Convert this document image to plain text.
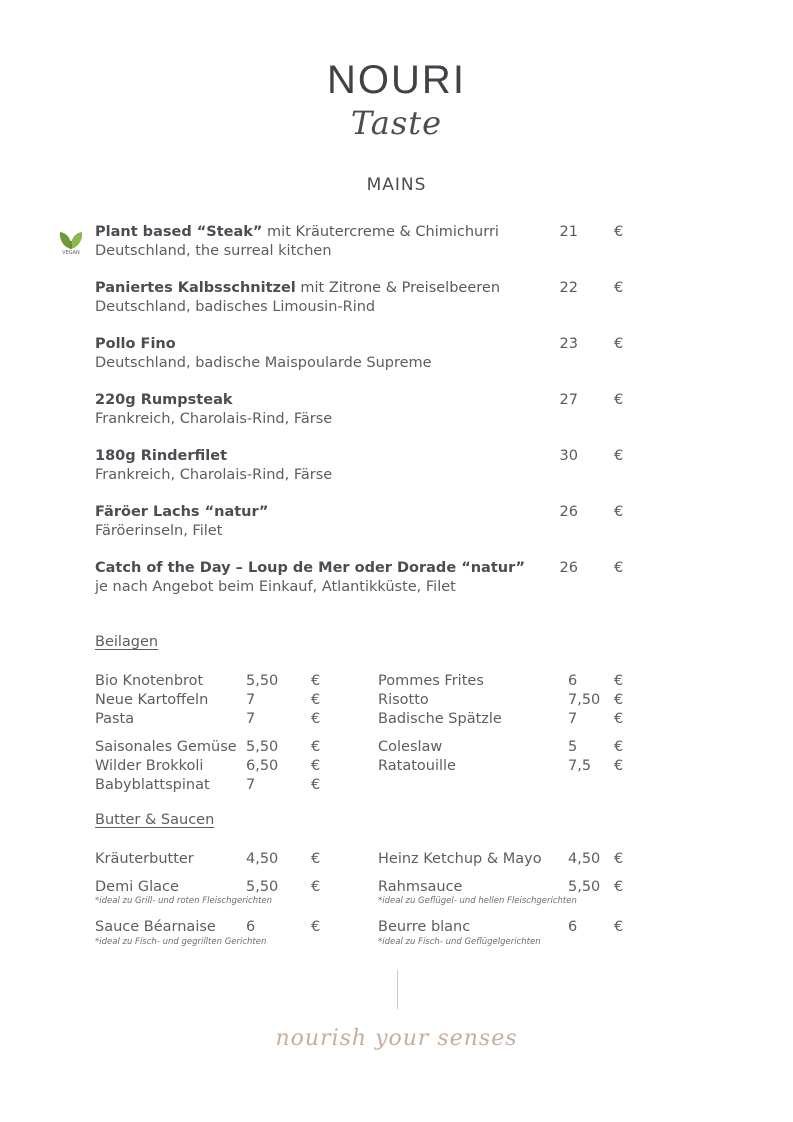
NOURI
Taste
MAINS
VEGAN
Plant based “Steak” mit Kräutercreme & Chimichurri
Deutschland, the surreal kitchen
21 €
Paniertes Kalbsschnitzel mit Zitrone & Preiselbeeren
Deutschland, badisches Limousin-Rind
22 €
Pollo Fino
Deutschland, badische Maispoularde Supreme
23 €
220g Rumpsteak
Frankreich, Charolais-Rind, Färse
27 €
180g Rinderfilet
Frankreich, Charolais-Rind, Färse
30 €
Färöer Lachs “natur”
Färöerinseln, Filet
26 €
Catch of the Day – Loup de Mer oder Dorade “natur”
je nach Angebot beim Einkauf, Atlantikküste, Filet
26 €
Beilagen
Bio Knotenbrot	5,50 €
Neue Kartoffeln	7	€
Pasta	7	€
Saisonales Gemüse 5,50 €
Wilder Brokkoli	6,50 €
Babyblattspinat	7	€
Pommes Frites	6	€
Risotto	7,50 €
Badische Spätzle	7	€
Coleslaw	5	€
Ratatouille	7,5 €
Butter & Saucen
Kräuterbutter	4,50 €	Heinz Ketchup & Mayo 4,50 €
Demi Glace	5,50 €
*ideal zu Grill- und roten Fleischgerichten
Rahmsauce	5,50 €
*ideal zu Geflügel- und hellen Fleischgerichten
Sauce Béarnaise 6	€
*ideal zu Fisch- und gegrillten Gerichten
Beurre blanc	6	€
*ideal zu Fisch- und Geflügelgerichten
nourish your senses
